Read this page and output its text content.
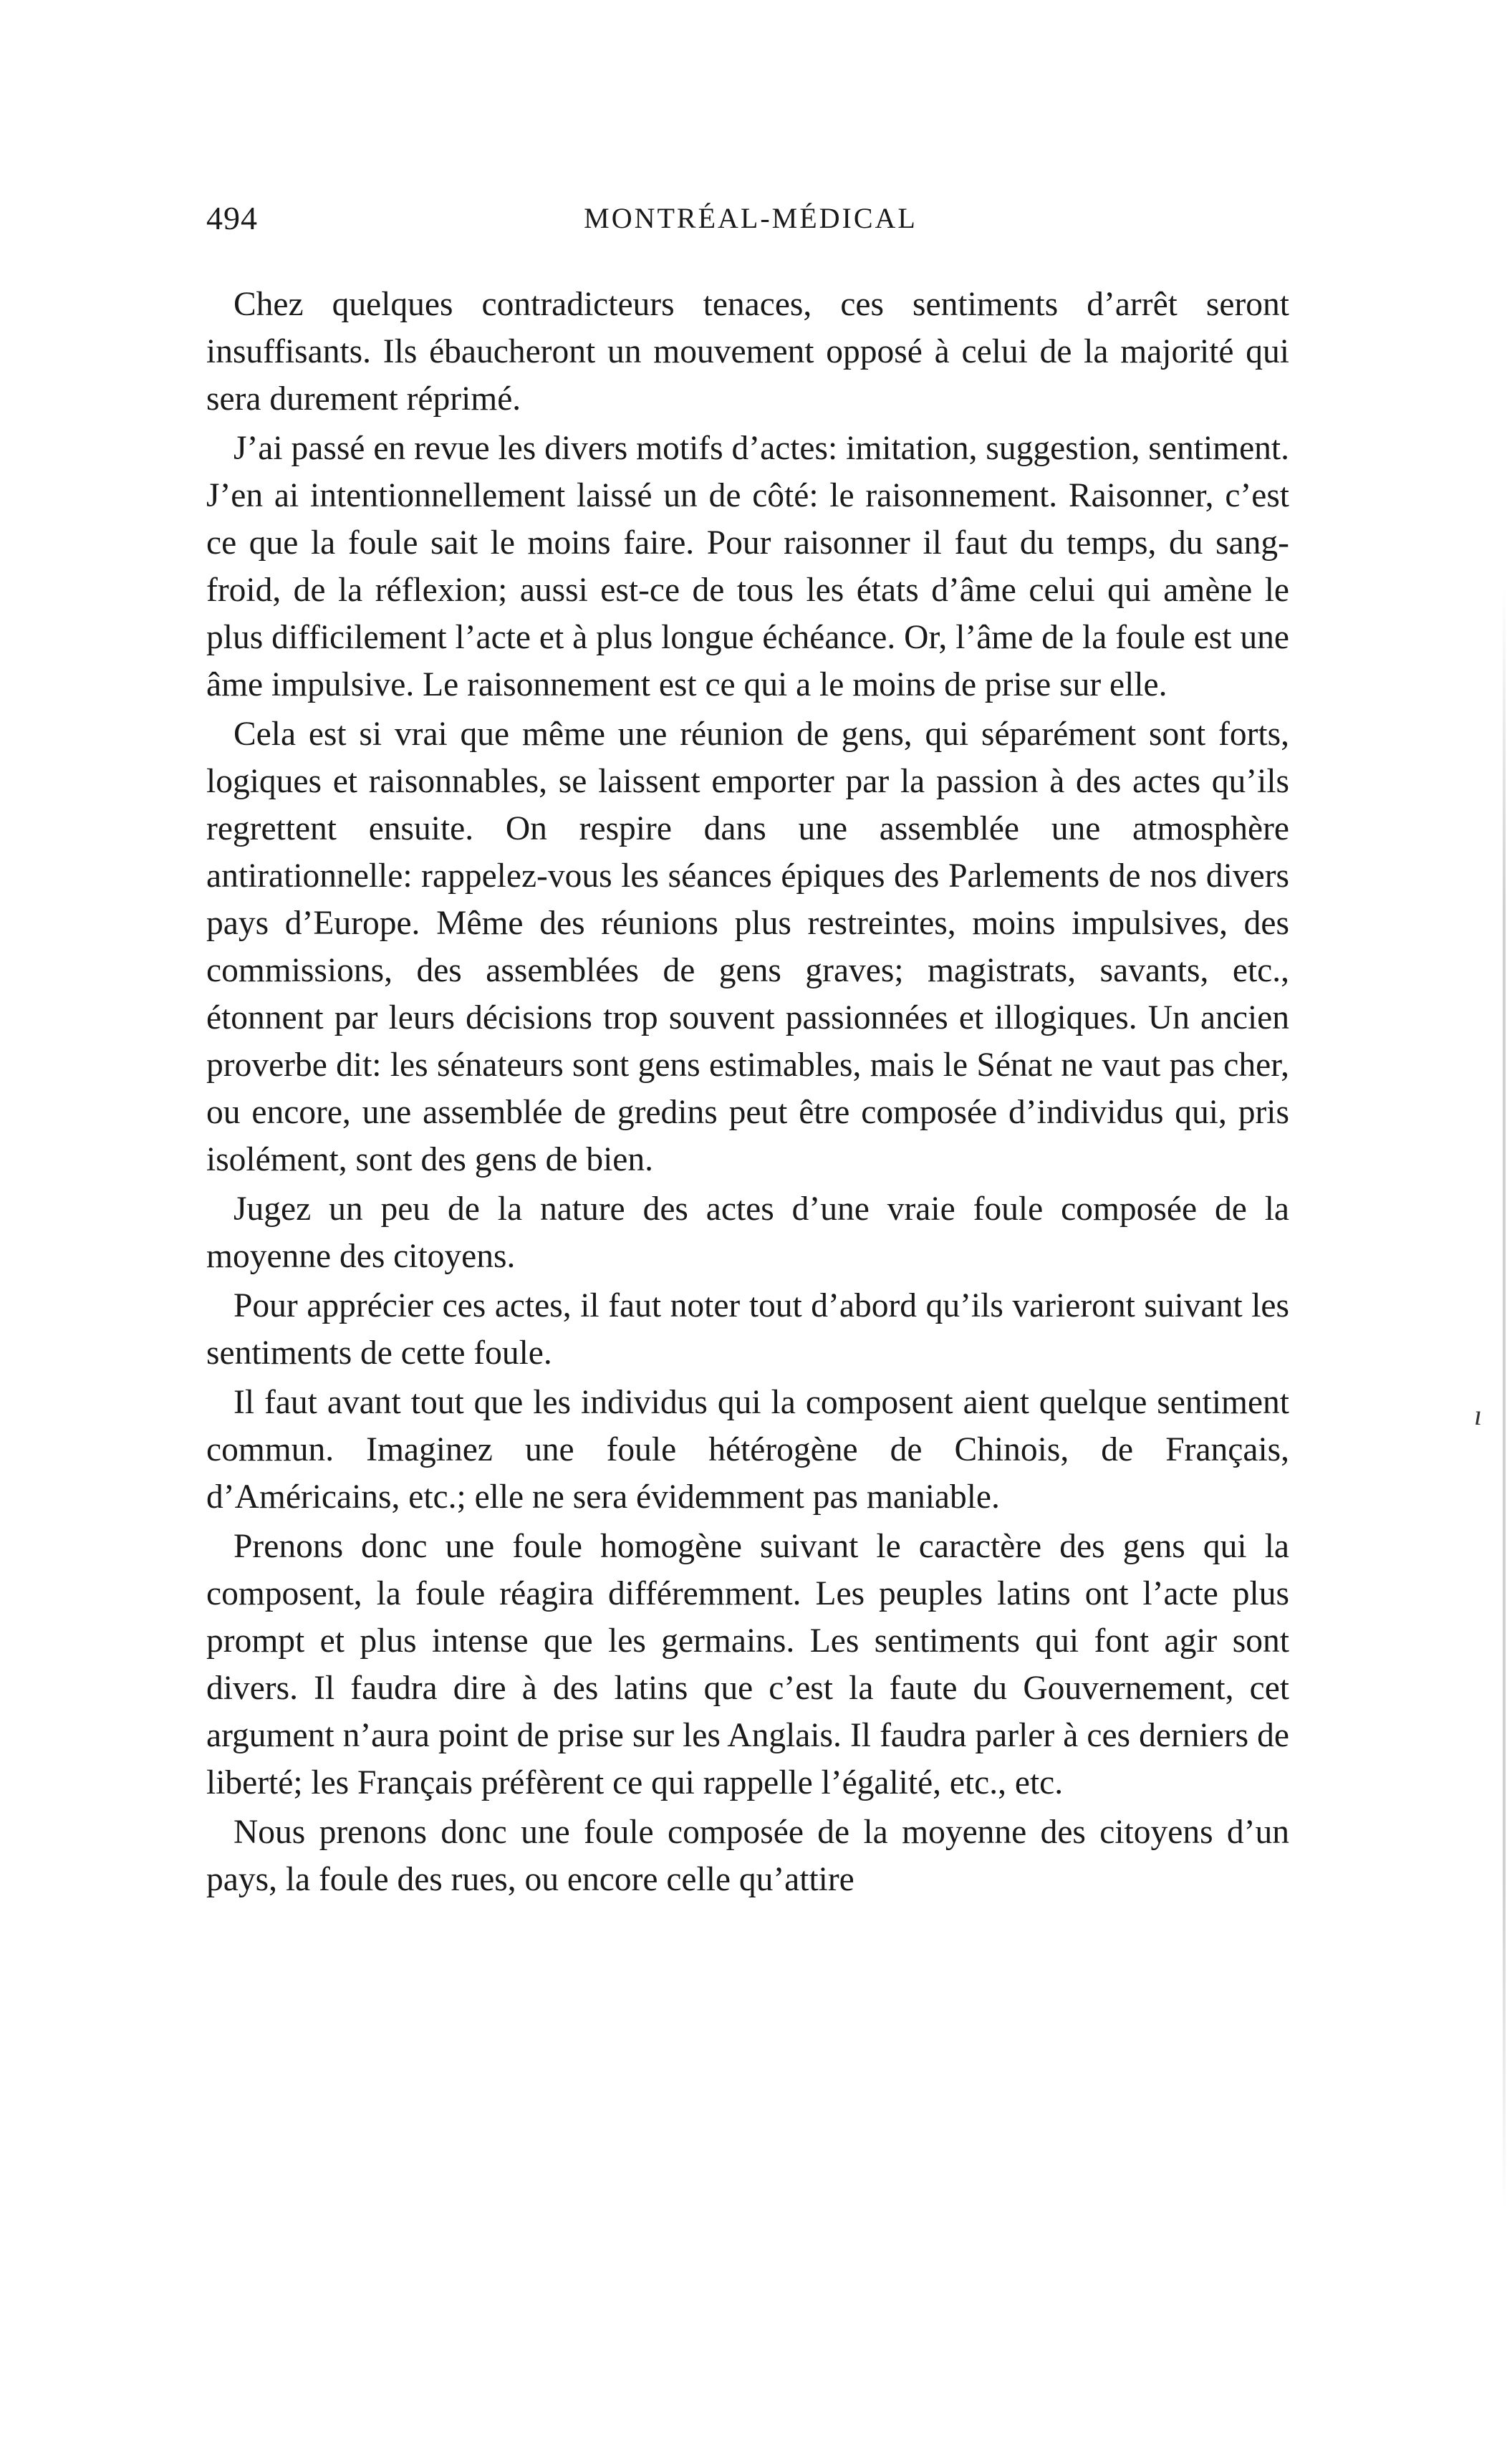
494	MONTRÉAL-MÉDICAL

Chez quelques contradicteurs tenaces, ces sentiments d’arrêt seront insuffisants. Ils ébaucheront un mouvement opposé à celui de la majorité qui sera durement réprimé.

J’ai passé en revue les divers motifs d’actes: imitation, suggestion, sentiment. J’en ai intentionnellement laissé un de côté: le raisonnement. Raisonner, c’est ce que la foule sait le moins faire. Pour raisonner il faut du temps, du sang-froid, de la réflexion; aussi est-ce de tous les états d’âme celui qui amène le plus difficilement l’acte et à plus longue échéance. Or, l’âme de la foule est une âme impulsive. Le raisonnement est ce qui a le moins de prise sur elle.

Cela est si vrai que même une réunion de gens, qui séparément sont forts, logiques et raisonnables, se laissent emporter par la passion à des actes qu’ils regrettent ensuite. On respire dans une assemblée une atmosphère antirationnelle: rappelez-vous les séances épiques des Parlements de nos divers pays d’Europe. Même des réunions plus restreintes, moins impulsives, des commissions, des assemblées de gens graves; magistrats, savants, etc., étonnent par leurs décisions trop souvent passionnées et illogiques. Un ancien proverbe dit: les sénateurs sont gens estimables, mais le Sénat ne vaut pas cher, ou encore, une assemblée de gredins peut être composée d’individus qui, pris isolément, sont des gens de bien.

Jugez un peu de la nature des actes d’une vraie foule composée de la moyenne des citoyens.

Pour apprécier ces actes, il faut noter tout d’abord qu’ils varieront suivant les sentiments de cette foule.

Il faut avant tout que les individus qui la composent aient quelque sentiment commun. Imaginez une foule hétérogène de Chinois, de Français, d’Américains, etc.; elle ne sera évidemment pas maniable.

Prenons donc une foule homogène suivant le caractère des gens qui la composent, la foule réagira différemment. Les peuples latins ont l’acte plus prompt et plus intense que les germains. Les sentiments qui font agir sont divers. Il faudra dire à des latins que c’est la faute du Gouvernement, cet argument n’aura point de prise sur les Anglais. Il faudra parler à ces derniers de liberté; les Français préfèrent ce qui rappelle l’égalité, etc., etc.

Nous prenons donc une foule composée de la moyenne des citoyens d’un pays, la foule des rues, ou encore celle qu’attire

ı
